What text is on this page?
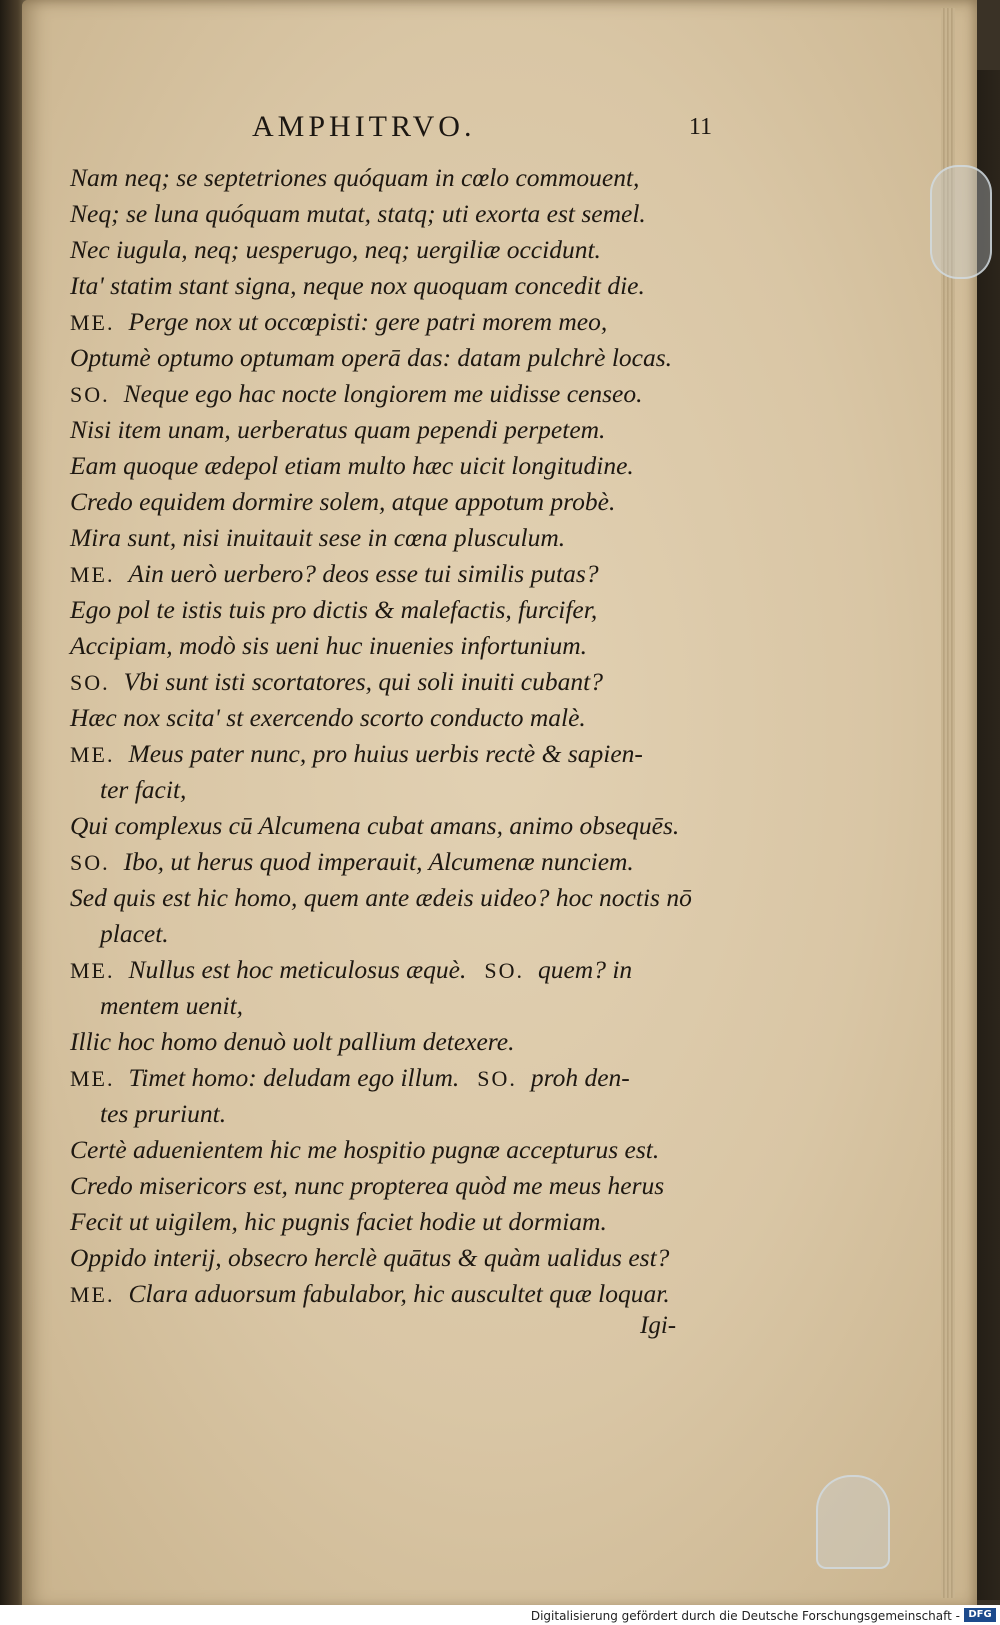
AMPHITRVO.	11
Nam neq; se septetriones quóquam in cœlo commouent,
Neq; se luna quóquam mutat, statq; uti exorta est semel.
Nec iugula, neq; uesperugo, neq; uergiliæ occidunt.
Ita' statim stant signa, neque nox quoquam concedit die.
ME. Perge nox ut occœpisti: gere patri morem meo,
Optumè optumo optumam operā das: datam pulchrè locas.
SO. Neque ego hac nocte longiorem me uidisse censeo.
Nisi item unam, uerberatus quam pependi perpetem.
Eam quoque ædepol etiam multo hæc uicit longitudine.
Credo equidem dormire solem, atque appotum probè.
Mira sunt, nisi inuitauit sese in cœna plusculum.
ME. Ain uerò uerbero? deos esse tui similis putas?
Ego pol te istis tuis pro dictis & malefactis, furcifer,
Accipiam, modò sis ueni huc inuenies infortunium.
SO. Vbi sunt isti scortatores, qui soli inuiti cubant?
Hæc nox scita' st exercendo scorto conducto malè.
ME. Meus pater nunc, pro huius uerbis rectè & sapien-
ter facit,
Qui complexus cū Alcumena cubat amans, animo obsequēs.
SO. Ibo, ut herus quod imperauit, Alcumenæ nunciem.
Sed quis est hic homo, quem ante ædeis uideo? hoc noctis nō
placet.
ME. Nullus est hoc meticulosus æquè. SO. quem? in
mentem uenit,
Illic hoc homo denuò uolt pallium detexere.
ME. Timet homo: deludam ego illum. SO. proh den-
tes pruriunt.
Certè aduenientem hic me hospitio pugnæ accepturus est.
Credo misericors est, nunc propterea quòd me meus herus
Fecit ut uigilem, hic pugnis faciet hodie ut dormiam.
Oppido interij, obsecro herclè quātus & quàm ualidus est?
ME. Clara aduorsum fabulabor, hic auscultet quæ loquar.
Igi-
Digitalisierung gefördert durch die Deutsche Forschungsgemeinschaft - DFG
